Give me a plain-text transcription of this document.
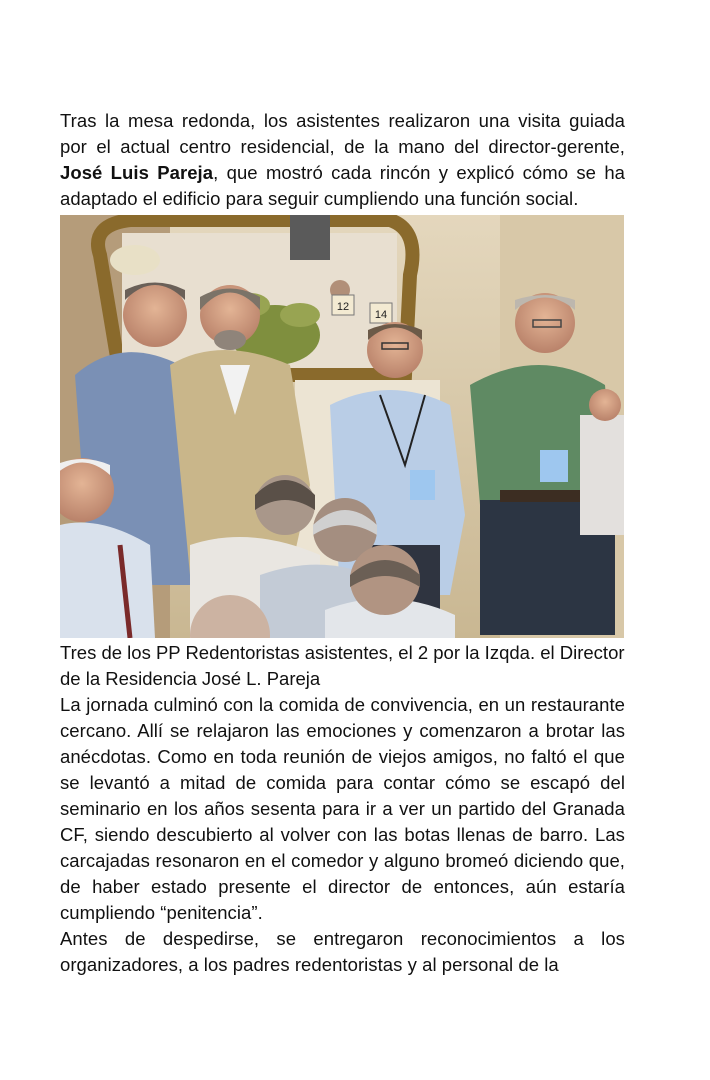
Tras la mesa redonda, los asistentes realizaron una visita guiada por el actual centro residencial, de la mano del director-gerente, José Luis Pareja, que mostró cada rincón y explicó cómo se ha adaptado el edificio para seguir cumpliendo una función social.

12
14

Tres de los PP Redentoristas asistentes, el 2 por la Izqda. el Director de la Residencia José L. Pareja

La jornada culminó con la comida de convivencia, en un restaurante cercano. Allí se relajaron las emociones y comenzaron a brotar las anécdotas. Como en toda reunión de viejos amigos, no faltó el que se levantó a mitad de comida para contar cómo se escapó del seminario en los años sesenta para ir a ver un partido del Granada CF, siendo descubierto al volver con las botas llenas de barro. Las carcajadas resonaron en el comedor y alguno bromeó diciendo que, de haber estado presente el director de entonces, aún estaría cumpliendo “penitencia”.

Antes de despedirse, se entregaron reconocimientos a los organizadores, a los padres redentoristas y al personal de la
